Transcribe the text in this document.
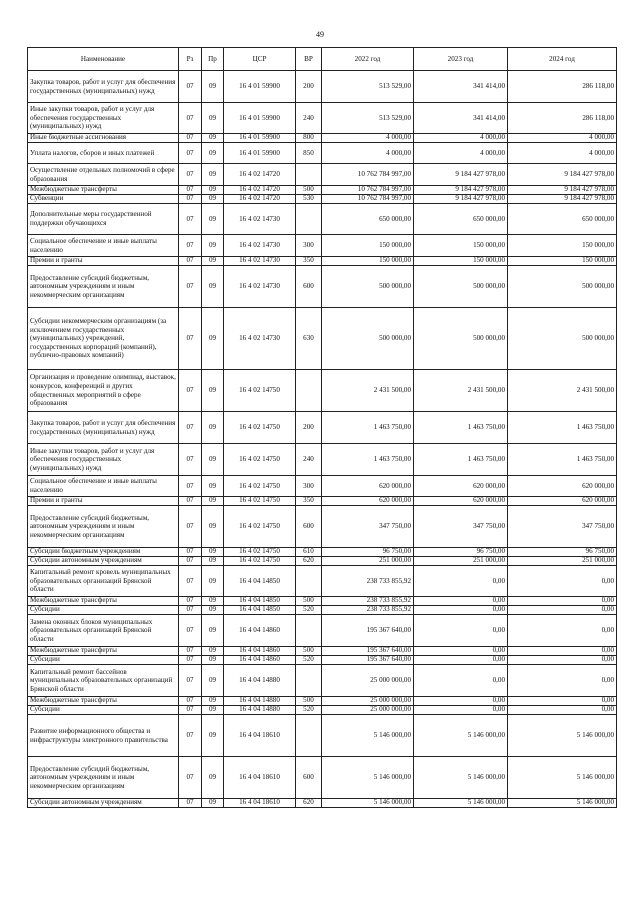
49
Наименование	Рз	Пр	ЦСР	ВР	2022 год	2023 год	2024 год
Закупка товаров, работ и услуг для обеспечения государственных (муниципальных) нужд	07	09	16 4 01 59900	200	513 529,00	341 414,00	286 118,00
Иные закупки товаров, работ и услуг для обеспечения государственных (муниципальных) нужд	07	09	16 4 01 59900	240	513 529,00	341 414,00	286 118,00
Иные бюджетные ассигнования	07	09	16 4 01 59900	800	4 000,00	4 000,00	4 000,00
Уплата налогов, сборов и иных платежей	07	09	16 4 01 59900	850	4 000,00	4 000,00	4 000,00
Осуществление отдельных полномочий в сфере образования	07	09	16 4 02 14720		10 762 784 997,00	9 184 427 978,00	9 184 427 978,00
Межбюджетные трансферты	07	09	16 4 02 14720	500	10 762 784 997,00	9 184 427 978,00	9 184 427 978,00
Субвенции	07	09	16 4 02 14720	530	10 762 784 997,00	9 184 427 978,00	9 184 427 978,00
Дополнительные меры государственной поддержки обучающихся	07	09	16 4 02 14730		650 000,00	650 000,00	650 000,00
Социальное обеспечение и иные выплаты населению	07	09	16 4 02 14730	300	150 000,00	150 000,00	150 000,00
Премии и гранты	07	09	16 4 02 14730	350	150 000,00	150 000,00	150 000,00
Предоставление субсидий бюджетным, автономным учреждениям и иным некоммерческим организациям	07	09	16 4 02 14730	600	500 000,00	500 000,00	500 000,00
Субсидии некоммерческим организациям (за исключением государственных (муниципальных) учреждений, государственных корпораций (компаний), публично-правовых компаний)	07	09	16 4 02 14730	630	500 000,00	500 000,00	500 000,00
Организация и проведение олимпиад, выставок, конкурсов, конференций и других общественных мероприятий в сфере образования	07	09	16 4 02 14750		2 431 500,00	2 431 500,00	2 431 500,00
Закупка товаров, работ и услуг для обеспечения государственных (муниципальных) нужд	07	09	16 4 02 14750	200	1 463 750,00	1 463 750,00	1 463 750,00
Иные закупки товаров, работ и услуг для обеспечения государственных (муниципальных) нужд	07	09	16 4 02 14750	240	1 463 750,00	1 463 750,00	1 463 750,00
Социальное обеспечение и иные выплаты населению	07	09	16 4 02 14750	300	620 000,00	620 000,00	620 000,00
Премии и гранты	07	09	16 4 02 14750	350	620 000,00	620 000,00	620 000,00
Предоставление субсидий бюджетным, автономным учреждениям и иным некоммерческим организациям	07	09	16 4 02 14750	600	347 750,00	347 750,00	347 750,00
Субсидии бюджетным учреждениям	07	09	16 4 02 14750	610	96 750,00	96 750,00	96 750,00
Субсидии автономным учреждениям	07	09	16 4 02 14750	620	251 000,00	251 000,00	251 000,00
Капитальный ремонт кровель муниципальных образовательных организаций Брянской области	07	09	16 4 04 14850		238 733 855,92	0,00	0,00
Межбюджетные трансферты	07	09	16 4 04 14850	500	238 733 855,92	0,00	0,00
Субсидии	07	09	16 4 04 14850	520	238 733 855,92	0,00	0,00
Замена оконных блоков муниципальных образовательных организаций Брянской области	07	09	16 4 04 14860		195 367 640,00	0,00	0,00
Межбюджетные трансферты	07	09	16 4 04 14860	500	195 367 640,00	0,00	0,00
Субсидии	07	09	16 4 04 14860	520	195 367 640,00	0,00	0,00
Капитальный ремонт бассейнов муниципальных образовательных организаций Брянской области	07	09	16 4 04 14880		25 000 000,00	0,00	0,00
Межбюджетные трансферты	07	09	16 4 04 14880	500	25 000 000,00	0,00	0,00
Субсидии	07	09	16 4 04 14880	520	25 000 000,00	0,00	0,00
Развитие информационного общества и инфраструктуры электронного правительства	07	09	16 4 04 18610		5 146 000,00	5 146 000,00	5 146 000,00
Предоставление субсидий бюджетным, автономным учреждениям и иным некоммерческим организациям	07	09	16 4 04 18610	600	5 146 000,00	5 146 000,00	5 146 000,00
Субсидии автономным учреждениям	07	09	16 4 04 18610	620	5 146 000,00	5 146 000,00	5 146 000,00
